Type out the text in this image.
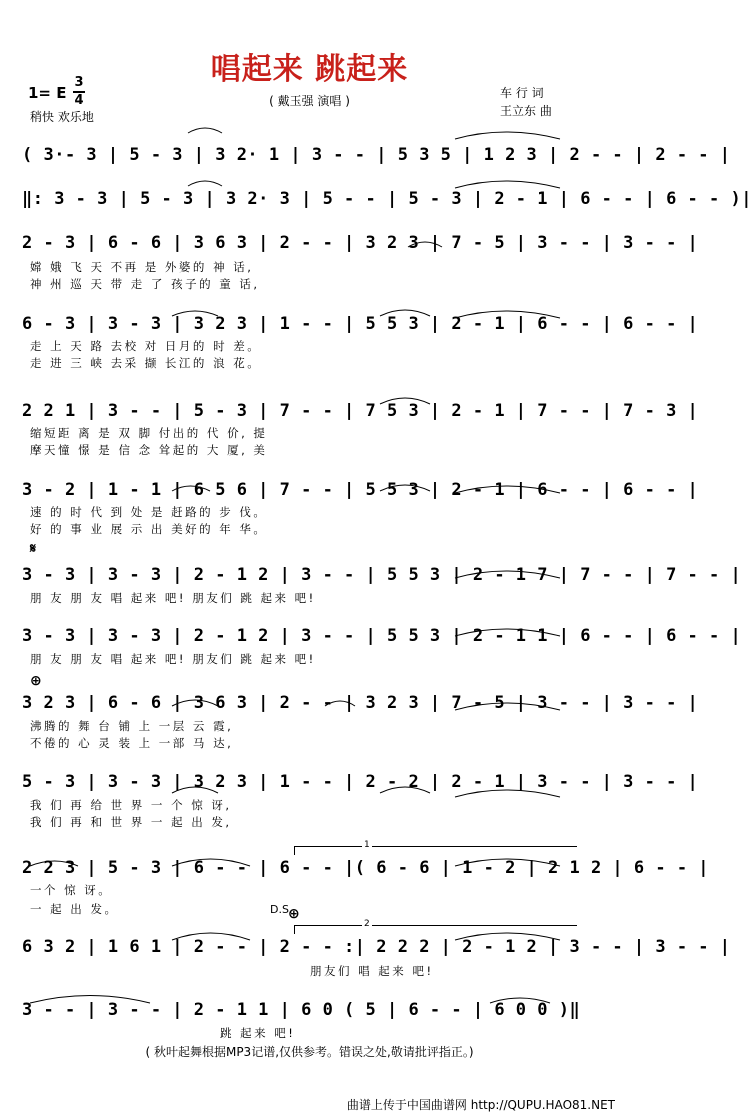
唱起来 跳起来
( 戴玉强 演唱 )
1= E
3
4
稍快 欢乐地
车 行 词
王立东 曲
( 3·- 3 | 5 - 3 | 3 2· 1 | 3 - - | 5 3 5 | 1 2 3 | 2 - - | 2 - - |
‖: 3 - 3 | 5 - 3 | 3 2· 3 | 5 - - | 5 - 3 | 2 - 1 | 6 - - | 6 - - )|
2 - 3 | 6 - 6 | 3 6 3 | 2 - - | 3 2 3 | 7 - 5 | 3 - - | 3 - - |
嫦 娥 飞 天 不再 是 外婆的 神 话,
神 州 巡 天 带 走 了 孩子的 童 话,
6 - 3 | 3 - 3 | 3 2 3 | 1 - - | 5 5 3 | 2 - 1 | 6 - - | 6 - - |
走 上 天 路 去校 对 日月的 时 差。
走 进 三 峡 去采 撷 长江的 浪 花。
2 2 1 | 3 - - | 5 - 3 | 7 - - | 7 5 3 | 2 - 1 | 7 - - | 7 - 3 |
缩短距 离 是 双 脚 付出的 代 价, 提
摩天憧 憬 是 信 念 耸起的 大 厦, 美
3 - 2 | 1 - 1 | 6 5 6 | 7 - - | 5 5 3 | 2 - 1 | 6 - - | 6 - - |
速 的 时 代 到 处 是 赶路的 步 伐。
好 的 事 业 展 示 出 美好的 年 华。
𝄋
3 - 3 | 3 - 3 | 2 - 1 2 | 3 - - | 5 5 3 | 2 - 1 7 | 7 - - | 7 - - |
朋 友 朋 友 唱 起来 吧! 朋友们 跳 起来 吧!
3 - 3 | 3 - 3 | 2 - 1 2 | 3 - - | 5 5 3 | 2 - 1 1 | 6 - - | 6 - - |
朋 友 朋 友 唱 起来 吧! 朋友们 跳 起来 吧!
⊕
3 2 3 | 6 - 6 | 3 6 3 | 2 - - | 3 2 3 | 7 - 5 | 3 - - | 3 - - |
沸腾的 舞 台 铺 上 一层 云 霞,
不倦的 心 灵 装 上 一部 马 达,
5 - 3 | 3 - 3 | 3 2 3 | 1 - - | 2 - 2 | 2 - 1 | 3 - - | 3 - - |
我 们 再 给 世 界 一 个 惊 讶,
我 们 再 和 世 界 一 起 出 发,
1
2 2 3 | 5 - 3 | 6 - - | 6 - - |( 6 - 6 | 1 - 2 | 2 1 2 | 6 - - |
一个 惊 讶。
一 起 出 发。	D.S.
⊕
2
6 3 2 | 1 6 1 | 2 - - | 2 - - :| 2 2 2 | 2 - 1 2 | 3 - - | 3 - - |
朋友们 唱 起来 吧!
3 - - | 3 - - | 2 - 1 1 | 6 0 ( 5 | 6 - - | 6 0 0 )‖
跳 起来 吧!
( 秋叶起舞根据MP3记谱,仅供参考。错误之处,敬请批评指正。)
曲谱上传于中国曲谱网 http://QUPU.HAO81.NET
